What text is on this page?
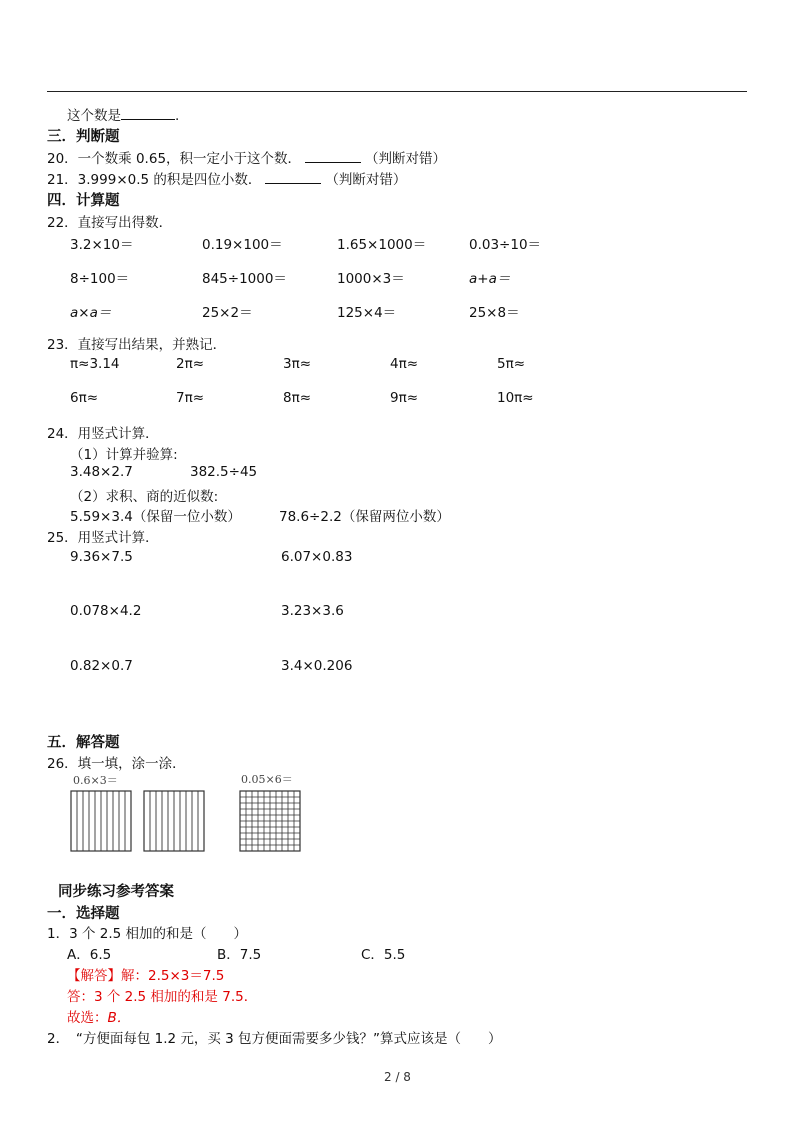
这个数是	.
三．判断题
20．一个数乘 0.65，积一定小于这个数．	（判断对错）
21．3.999×0.5 的积是四位小数．	（判断对错）
四．计算题
22．直接写出得数．
3.2×10＝	0.19×100＝	1.65×1000＝	0.03÷10＝
8÷100＝	845÷1000＝	1000×3＝	a+a＝
a×a＝	25×2＝	125×4＝	25×8＝
23．直接写出结果，并熟记．
π≈3.14	2π≈	3π≈	4π≈	5π≈
6π≈	7π≈	8π≈	9π≈	10π≈
24．用竖式计算．
（1）计算并验算:
3.48×2.7	382.5÷45
（2）求积、商的近似数:
5.59×3.4（保留一位小数）	78.6÷2.2（保留两位小数）
25．用竖式计算．
9.36×7.5	6.07×0.83
0.078×4.2	3.23×3.6
0.82×0.7	3.4×0.206
五．解答题
26．填一填，涂一涂．
0.6×3＝	0.05×6＝
同步练习参考答案
一．选择题
1．3 个 2.5 相加的和是（　　）
A．6.5	B．7.5	C．5.5
【解答】解：2.5×3＝7.5
答：3 个 2.5 相加的和是 7.5．
故选：B．
2．　“方便面每包 1.2 元，买 3 包方便面需要多少钱？”算式应该是（　　）
2 / 8
